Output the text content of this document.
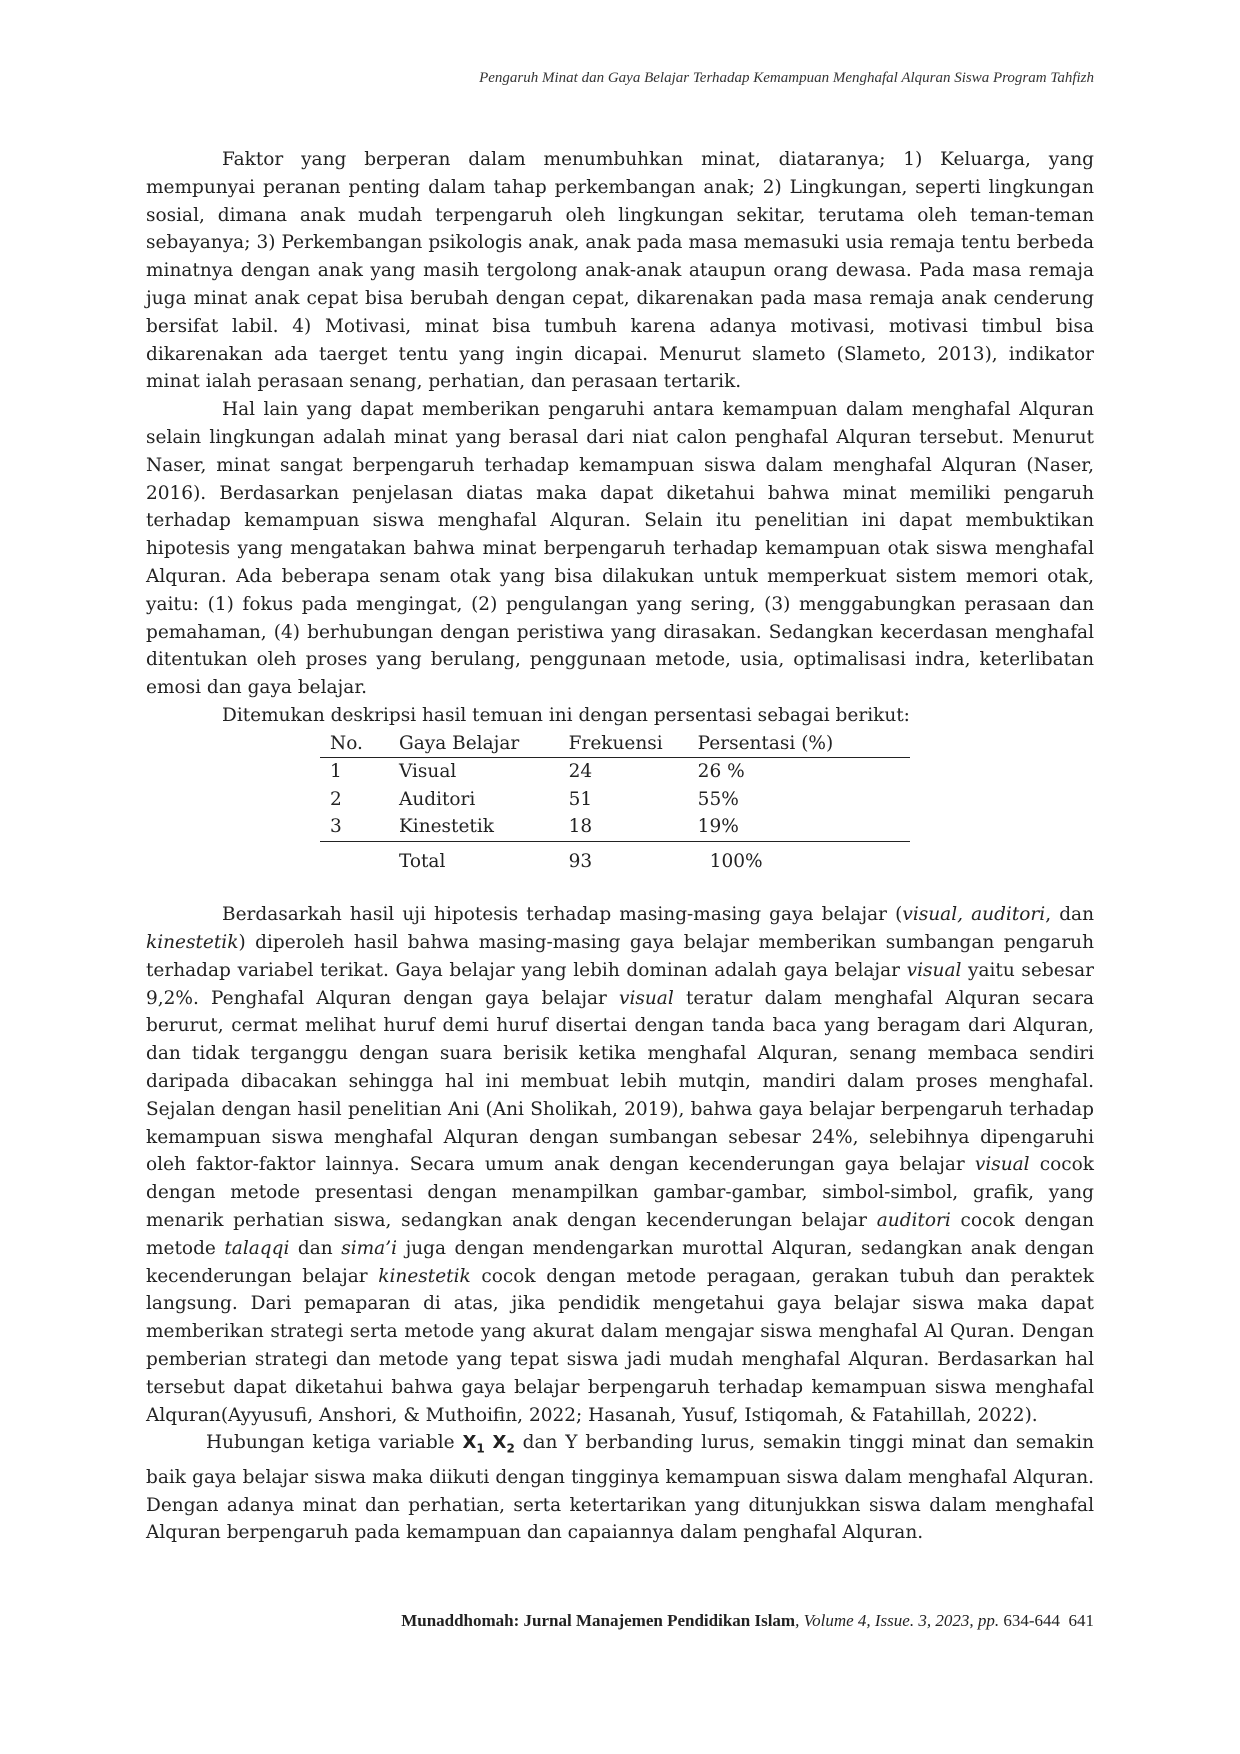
Pengaruh Minat dan Gaya Belajar Terhadap Kemampuan Menghafal Alquran Siswa Program Tahfizh

Faktor yang berperan dalam menumbuhkan minat, diataranya; 1) Keluarga, yang mempunyai peranan penting dalam tahap perkembangan anak; 2) Lingkungan, seperti lingkungan sosial, dimana anak mudah terpengaruh oleh lingkungan sekitar, terutama oleh teman-teman sebayanya; 3) Perkembangan psikologis anak, anak pada masa memasuki usia remaja tentu berbeda minatnya dengan anak yang masih tergolong anak-anak ataupun orang dewasa. Pada masa remaja juga minat anak cepat bisa berubah dengan cepat, dikarenakan pada masa remaja anak cenderung bersifat labil. 4) Motivasi, minat bisa tumbuh karena adanya motivasi, motivasi timbul bisa dikarenakan ada taerget tentu yang ingin dicapai. Menurut slameto (Slameto, 2013), indikator minat ialah perasaan senang, perhatian, dan perasaan tertarik.

Hal lain yang dapat memberikan pengaruhi antara kemampuan dalam menghafal Alquran selain lingkungan adalah minat yang berasal dari niat calon penghafal Alquran tersebut. Menurut Naser, minat sangat berpengaruh terhadap kemampuan siswa dalam menghafal Alquran (Naser, 2016). Berdasarkan penjelasan diatas maka dapat diketahui bahwa minat memiliki pengaruh terhadap kemampuan siswa menghafal Alquran. Selain itu penelitian ini dapat membuktikan hipotesis yang mengatakan bahwa minat berpengaruh terhadap kemampuan otak siswa menghafal Alquran. Ada beberapa senam otak yang bisa dilakukan untuk memperkuat sistem memori otak, yaitu: (1) fokus pada mengingat, (2) pengulangan yang sering, (3) menggabungkan perasaan dan pemahaman, (4) berhubungan dengan peristiwa yang dirasakan. Sedangkan kecerdasan menghafal ditentukan oleh proses yang berulang, penggunaan metode, usia, optimalisasi indra, keterlibatan emosi dan gaya belajar.

Ditemukan deskripsi hasil temuan ini dengan persentasi sebagai berikut:

No.	Gaya Belajar	Frekuensi	Persentasi (%)
1	Visual	24	26 %
2	Auditori	51	55%
3	Kinestetik	18	19%
	Total	93	100%

Berdasarkah hasil uji hipotesis terhadap masing-masing gaya belajar (visual, auditori, dan kinestetik) diperoleh hasil bahwa masing-masing gaya belajar memberikan sumbangan pengaruh terhadap variabel terikat. Gaya belajar yang lebih dominan adalah gaya belajar visual yaitu sebesar 9,2%. Penghafal Alquran dengan gaya belajar visual teratur dalam menghafal Alquran secara berurut, cermat melihat huruf demi huruf disertai dengan tanda baca yang beragam dari Alquran, dan tidak terganggu dengan suara berisik ketika menghafal Alquran, senang membaca sendiri daripada dibacakan sehingga hal ini membuat lebih mutqin, mandiri dalam proses menghafal. Sejalan dengan hasil penelitian Ani (Ani Sholikah, 2019), bahwa gaya belajar berpengaruh terhadap kemampuan siswa menghafal Alquran dengan sumbangan sebesar 24%, selebihnya dipengaruhi oleh faktor-faktor lainnya. Secara umum anak dengan kecenderungan gaya belajar visual cocok dengan metode presentasi dengan menampilkan gambar-gambar, simbol-simbol, grafik, yang menarik perhatian siswa, sedangkan anak dengan kecenderungan belajar auditori cocok dengan metode talaqqi dan sima’i juga dengan mendengarkan murottal Alquran, sedangkan anak dengan kecenderungan belajar kinestetik cocok dengan metode peragaan, gerakan tubuh dan peraktek langsung. Dari pemaparan di atas, jika pendidik mengetahui gaya belajar siswa maka dapat memberikan strategi serta metode yang akurat dalam mengajar siswa menghafal Al Quran. Dengan pemberian strategi dan metode yang tepat siswa jadi mudah menghafal Alquran. Berdasarkan hal tersebut dapat diketahui bahwa gaya belajar berpengaruh terhadap kemampuan siswa menghafal Alquran(Ayyusufi, Anshori, & Muthoifin, 2022; Hasanah, Yusuf, Istiqomah, & Fatahillah, 2022).

Hubungan ketiga variable $X_1$ $X_2$ dan Y berbanding lurus, semakin tinggi minat dan semakin baik gaya belajar siswa maka diikuti dengan tingginya kemampuan siswa dalam menghafal Alquran. Dengan adanya minat dan perhatian, serta ketertarikan yang ditunjukkan siswa dalam menghafal Alquran berpengaruh pada kemampuan dan capaiannya dalam penghafal Alquran.

Munaddhomah: Jurnal Manajemen Pendidikan Islam, Volume 4, Issue. 3, 2023, pp. 634-644 641
